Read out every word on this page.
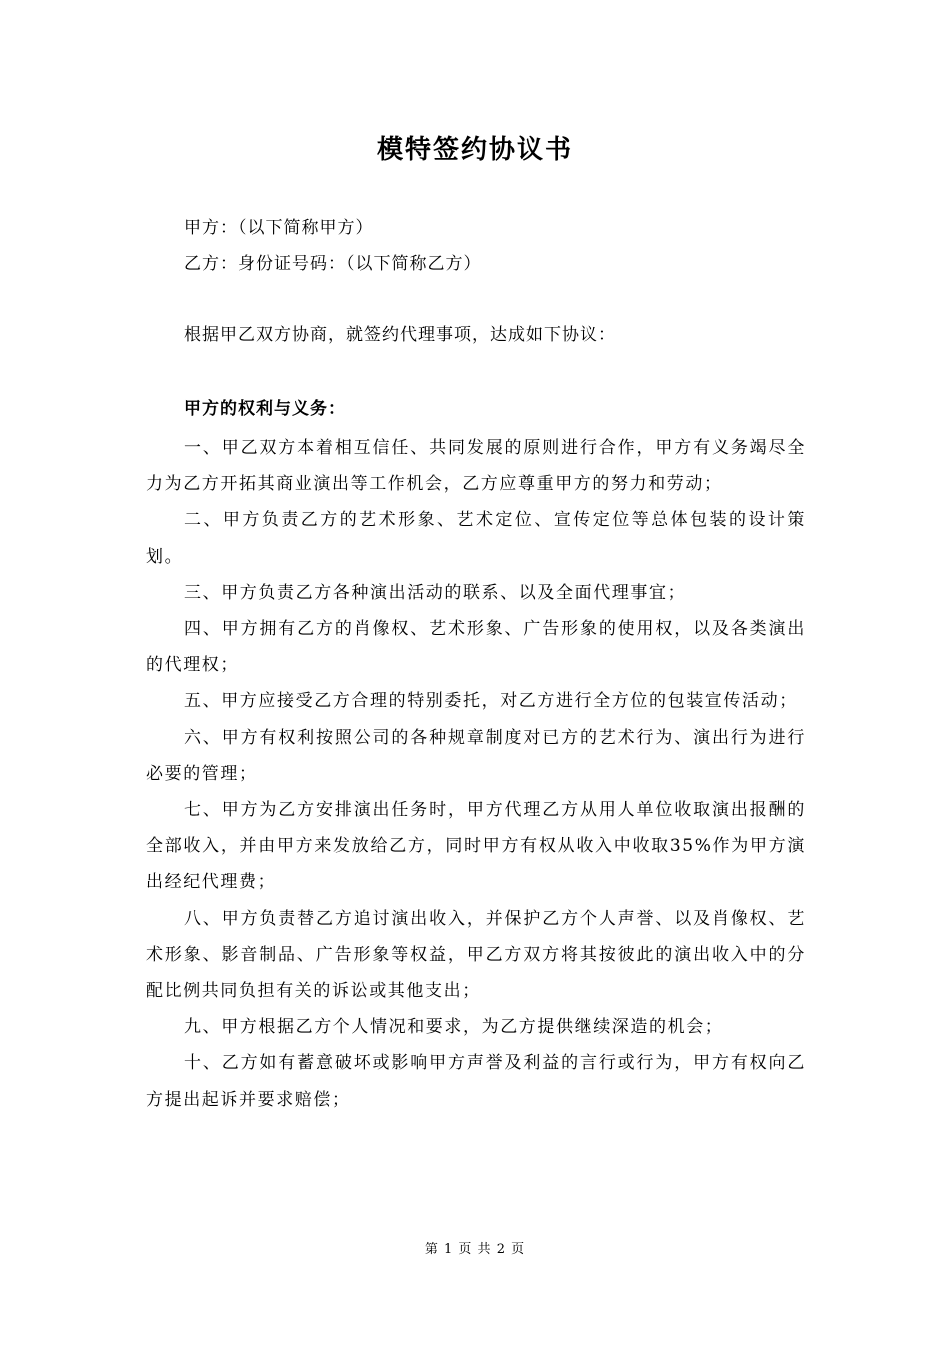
模特签约协议书
甲方：（以下简称甲方）
乙方：身份证号码：（以下简称乙方）
根据甲乙双方协商，就签约代理事项，达成如下协议：
甲方的权利与义务：

一、甲乙双方本着相互信任、共同发展的原则进行合作，甲方有义务竭尽全力为乙方开拓其商业演出等工作机会，乙方应尊重甲方的努力和劳动；

二、甲方负责乙方的艺术形象、艺术定位、宣传定位等总体包装的设计策划。

三、甲方负责乙方各种演出活动的联系、以及全面代理事宜；

四、甲方拥有乙方的肖像权、艺术形象、广告形象的使用权，以及各类演出的代理权；

五、甲方应接受乙方合理的特别委托，对乙方进行全方位的包装宣传活动；

六、甲方有权利按照公司的各种规章制度对已方的艺术行为、演出行为进行必要的管理；

七、甲方为乙方安排演出任务时，甲方代理乙方从用人单位收取演出报酬的全部收入，并由甲方来发放给乙方，同时甲方有权从收入中收取35%作为甲方演出经纪代理费；

八、甲方负责替乙方追讨演出收入，并保护乙方个人声誉、以及肖像权、艺术形象、影音制品、广告形象等权益，甲乙方双方将其按彼此的演出收入中的分配比例共同负担有关的诉讼或其他支出；

九、甲方根据乙方个人情况和要求，为乙方提供继续深造的机会；

十、乙方如有蓄意破坏或影响甲方声誉及利益的言行或行为，甲方有权向乙方提出起诉并要求赔偿；

第 1 页 共 2 页
